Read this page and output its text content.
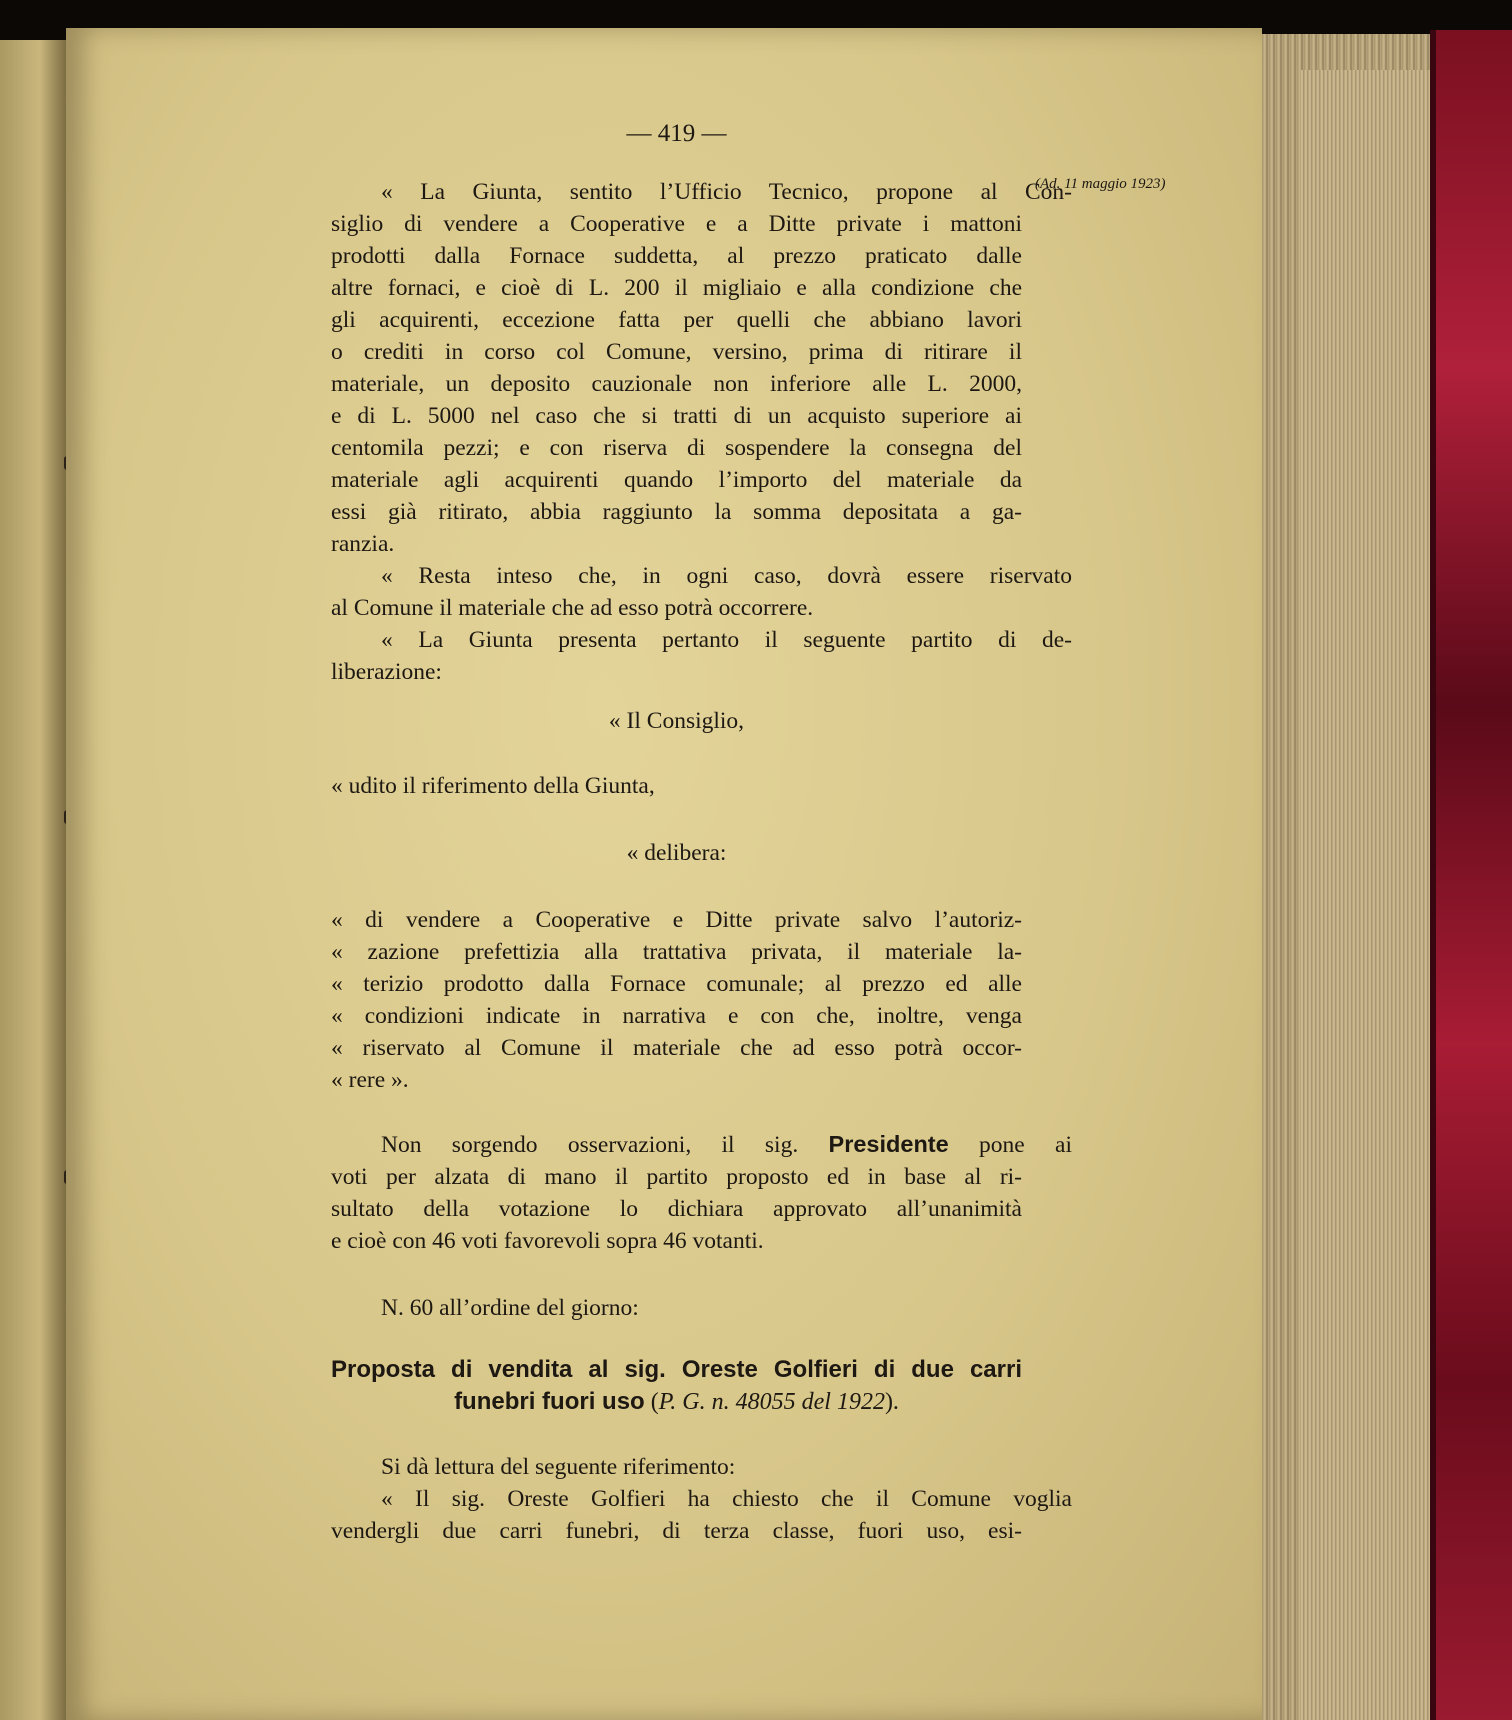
— 419 —
(Ad. 11 maggio 1923)
« La Giunta, sentito l’Ufficio Tecnico, propone al Con-
siglio di vendere a Cooperative e a Ditte private i mattoni
prodotti dalla Fornace suddetta, al prezzo praticato dalle
altre fornaci, e cioè di L. 200 il migliaio e alla condizione che
gli acquirenti, eccezione fatta per quelli che abbiano lavori
o crediti in corso col Comune, versino, prima di ritirare il
materiale, un deposito cauzionale non inferiore alle L. 2000,
e di L. 5000 nel caso che si tratti di un acquisto superiore ai
centomila pezzi; e con riserva di sospendere la consegna del
materiale agli acquirenti quando l’importo del materiale da
essi già ritirato, abbia raggiunto la somma depositata a ga-
ranzia.
« Resta inteso che, in ogni caso, dovrà essere riservato
al Comune il materiale che ad esso potrà occorrere.
« La Giunta presenta pertanto il seguente partito di de-
liberazione:
« Il Consiglio,
« udito il riferimento della Giunta,
« delibera:
« di vendere a Cooperative e Ditte private salvo l’autoriz-
« zazione prefettizia alla trattativa privata, il materiale la-
« terizio prodotto dalla Fornace comunale; al prezzo ed alle
« condizioni indicate in narrativa e con che, inoltre, venga
« riservato al Comune il materiale che ad esso potrà occor-
« rere ».
Non sorgendo osservazioni, il sig. Presidente pone ai
voti per alzata di mano il partito proposto ed in base al ri-
sultato della votazione lo dichiara approvato all’unanimità
e cioè con 46 voti favorevoli sopra 46 votanti.
N. 60 all’ordine del giorno:
Proposta di vendita al sig. Oreste Golfieri di due carri
funebri fuori uso (P. G. n. 48055 del 1922).
Si dà lettura del seguente riferimento:
« Il sig. Oreste Golfieri ha chiesto che il Comune voglia
vendergli due carri funebri, di terza classe, fuori uso, esi-
